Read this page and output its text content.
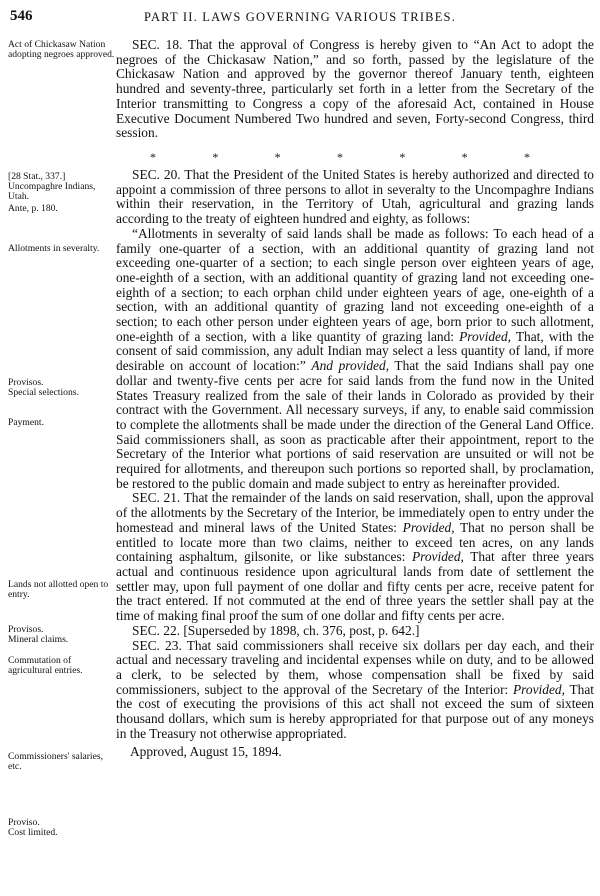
546	PART II. LAWS GOVERNING VARIOUS TRIBES.
Act of Chickasaw Nation adopting negroes approved.
[28 Stat., 337.]
Uncompaghre Indians, Utah.
Ante, p. 180.
Allotments in severalty.
Provisos.
Special selections.
Payment.
Lands not allotted open to entry.
Provisos.
Mineral claims.
Commutation of agricultural entries.
Commissioners' salaries, etc.
Proviso.
Cost limited.

SEC. 18. That the approval of Congress is hereby given to “An Act to adopt the negroes of the Chickasaw Nation,” and so forth, passed by the legislature of the Chickasaw Nation and approved by the governor thereof January tenth, eighteen hundred and seventy-three, particularly set forth in a letter from the Secretary of the Interior transmitting to Congress a copy of the aforesaid Act, contained in House Executive Document Numbered Two hundred and seven, Forty-second Congress, third session.

*	*	*	*	*	*	*

SEC. 20. That the President of the United States is hereby authorized and directed to appoint a commission of three persons to allot in severalty to the Uncompaghre Indians within their reservation, in the Territory of Utah, agricultural and grazing lands according to the treaty of eighteen hundred and eighty, as follows:

“Allotments in severalty of said lands shall be made as follows: To each head of a family one-quarter of a section, with an additional quantity of grazing land not exceeding one-quarter of a section; to each single person over eighteen years of age, one-eighth of a section, with an additional quantity of grazing land not exceeding one-eighth of a section; to each orphan child under eighteen years of age, one-eighth of a section, with an additional quantity of grazing land not exceeding one-eighth of a section; to each other person under eighteen years of age, born prior to such allotment, one-eighth of a section, with a like quantity of grazing land: Provided, That, with the consent of said commission, any adult Indian may select a less quantity of land, if more desirable on account of location:” And provided, That the said Indians shall pay one dollar and twenty-five cents per acre for said lands from the fund now in the United States Treasury realized from the sale of their lands in Colorado as provided by their contract with the Government. All necessary surveys, if any, to enable said commission to complete the allotments shall be made under the direction of the General Land Office. Said commissioners shall, as soon as practicable after their appointment, report to the Secretary of the Interior what portions of said reservation are unsuited or will not be required for allotments, and thereupon such portions so reported shall, by proclamation, be restored to the public domain and made subject to entry as hereinafter provided.

SEC. 21. That the remainder of the lands on said reservation, shall, upon the approval of the allotments by the Secretary of the Interior, be immediately open to entry under the homestead and mineral laws of the United States: Provided, That no person shall be entitled to locate more than two claims, neither to exceed ten acres, on any lands containing asphaltum, gilsonite, or like substances: Provided, That after three years actual and continuous residence upon agricultural lands from date of settlement the settler may, upon full payment of one dollar and fifty cents per acre, receive patent for the tract entered. If not commuted at the end of three years the settler shall pay at the time of making final proof the sum of one dollar and fifty cents per acre.

SEC. 22. [Superseded by 1898, ch. 376, post, p. 642.]

SEC. 23. That said commissioners shall receive six dollars per day each, and their actual and necessary traveling and incidental expenses while on duty, and to be allowed a clerk, to be selected by them, whose compensation shall be fixed by said commissioners, subject to the approval of the Secretary of the Interior: Provided, That the cost of executing the provisions of this act shall not exceed the sum of sixteen thousand dollars, which sum is hereby appropriated for that purpose out of any moneys in the Treasury not otherwise appropriated.

Approved, August 15, 1894.
